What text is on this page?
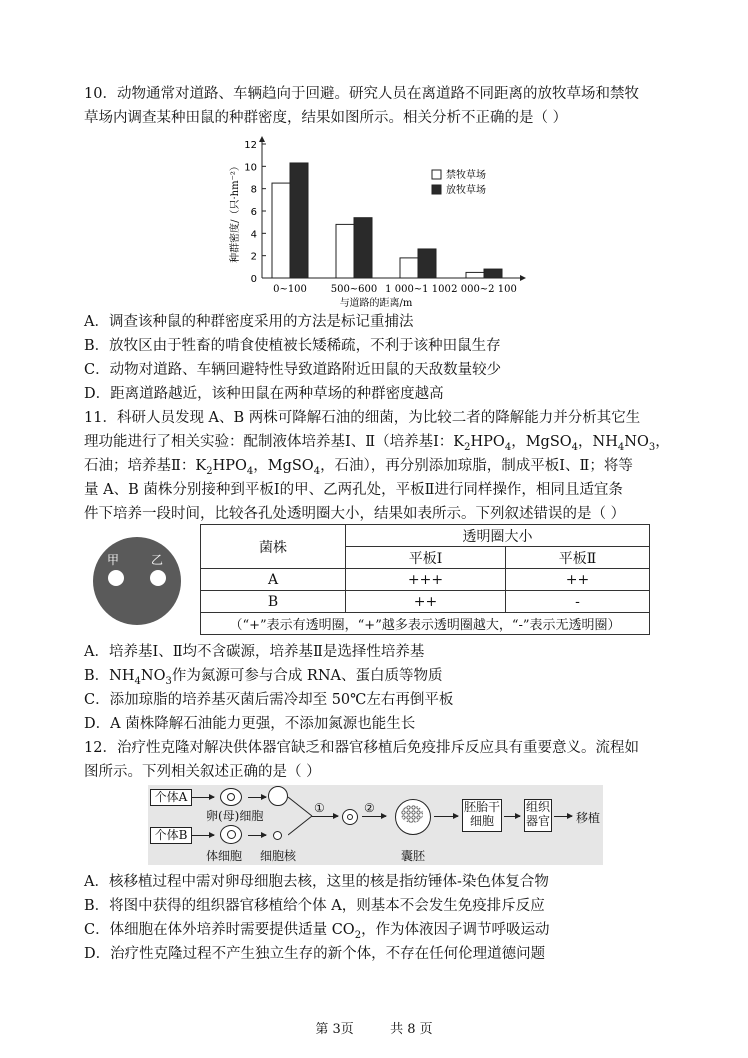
10．动物通常对道路、车辆趋向于回避。研究人员在离道路不同距离的放牧草场和禁牧
草场内调查某种田鼠的种群密度，结果如图所示。相关分析不正确的是（ ）
0
2
4
6
8
10
12
0~100 500~600 1 000~1 100 2 000~2 100
与道路的距离/m
种群密度/（只·hm⁻²）	禁牧草场
放牧草场
A．调查该种鼠的种群密度采用的方法是标记重捕法
B．放牧区由于牲畜的啃食使植被长矮稀疏，不利于该种田鼠生存
C．动物对道路、车辆回避特性导致道路附近田鼠的天敌数量较少
D．距离道路越近，该种田鼠在两种草场的种群密度越高
11．科研人员发现 A、B 两株可降解石油的细菌，为比较二者的降解能力并分析其它生
理功能进行了相关实验：配制液体培养基Ⅰ、Ⅱ（培养基Ⅰ：$K_2HPO_4$，MgSO$_4$，$NH_4NO_3$，
石油；培养基Ⅱ：$K_2HPO_4$，MgSO$_4$，石油），再分别添加琼脂，制成平板Ⅰ、Ⅱ；将等
量 A、B 菌株分别接种到平板Ⅰ的甲、乙两孔处，平板Ⅱ进行同样操作，相同且适宜条
件下培养一段时间，比较各孔处透明圈大小，结果如表所示。下列叙述错误的是（ ）
甲	乙
菌株	透明圈大小	
	平板Ⅰ	平板Ⅱ
A	+++	++
B	++	-
（“+”表示有透明圈，“+”越多表示透明圈越大，“-”表示无透明圈）		
A．培养基Ⅰ、Ⅱ均不含碳源，培养基Ⅱ是选择性培养基
B．$NH_4NO_3$作为氮源可参与合成 RNA、蛋白质等物质
C．添加琼脂的培养基灭菌后需冷却至 50℃左右再倒平板
D．A 菌株降解石油能力更强，不添加氮源也能生长
12．治疗性克隆对解决供体器官缺乏和器官移植后免疫排斥反应具有重要意义。流程如
图所示。下列相关叙述正确的是（ ）
个体A
个体B
卵(母)细胞
体细胞 细胞核
①	②
囊胚
胚胎干细胞
组织器官 移植
A．核移植过程中需对卵母细胞去核，这里的核是指纺锤体-染色体复合物
B．将图中获得的组织器官移植给个体 A，则基本不会发生免疫排斥反应
C．体细胞在体外培养时需要提供适量 $CO_2$，作为体液因子调节呼吸运动
D．治疗性克隆过程不产生独立生存的新个体，不存在任何伦理道德问题
第 3页	共 8 页
